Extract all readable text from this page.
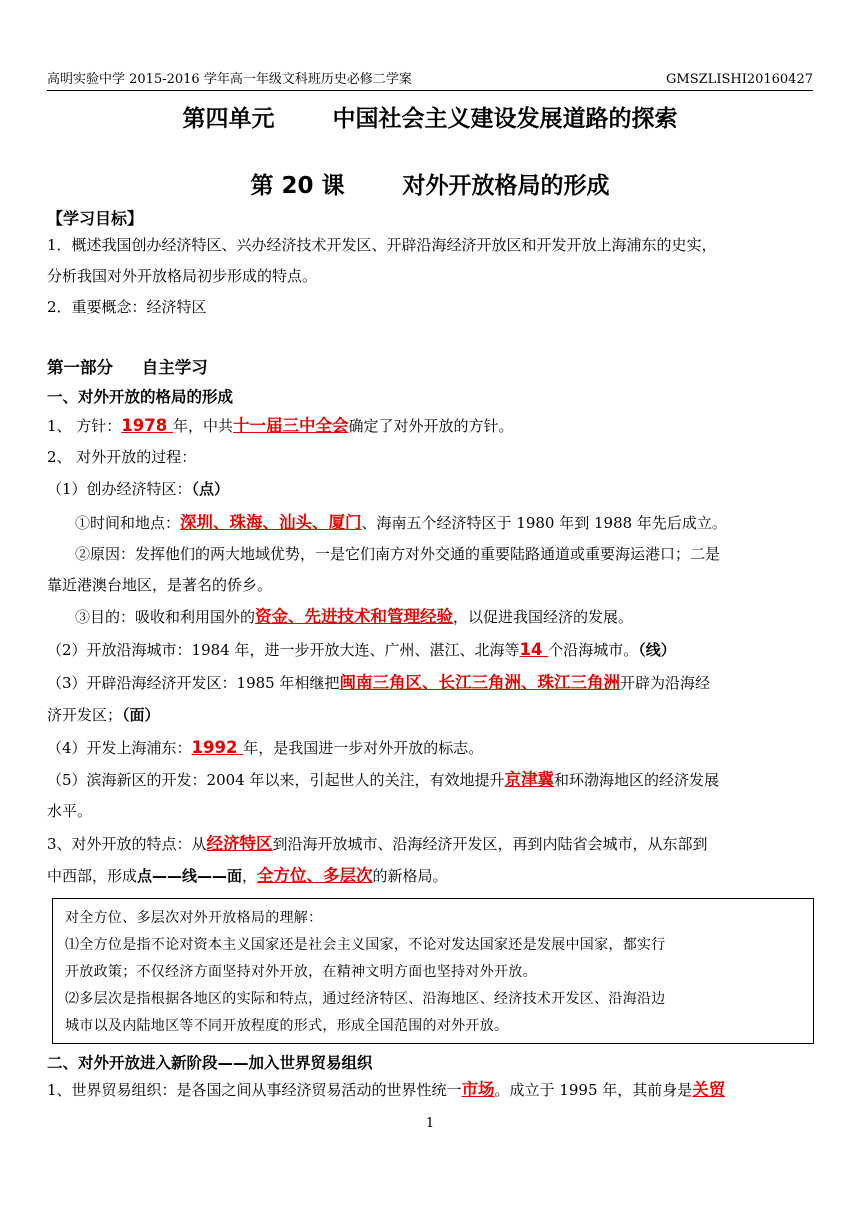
高明实验中学 2015-2016 学年高一年级文科班历史必修二学案	GMSZLISHI20160427
第四单元	中国社会主义建设发展道路的探索
第 20 课	对外开放格局的形成
【学习目标】
1．概述我国创办经济特区、兴办经济技术开发区、开辟沿海经济开放区和开发开放上海浦东的史实，
分析我国对外开放格局初步形成的特点。
2．重要概念：经济特区
第一部分 自主学习
一、对外开放的格局的形成
1、 方针：1978 年，中共十一届三中全会确定了对外开放的方针。
2、 对外开放的过程：
（1）创办经济特区：（点）
①时间和地点：深圳、珠海、汕头、厦门、海南五个经济特区于 1980 年到 1988 年先后成立。
②原因：发挥他们的两大地域优势，一是它们南方对外交通的重要陆路通道或重要海运港口；二是
靠近港澳台地区，是著名的侨乡。
③目的：吸收和利用国外的资金、先进技术和管理经验，以促进我国经济的发展。
（2）开放沿海城市：1984 年，进一步开放大连、广州、湛江、北海等14 个沿海城市。（线）
（3）开辟沿海经济开发区：1985 年相继把闽南三角区、长江三角洲、珠江三角洲开辟为沿海经
济开发区；（面）
（4）开发上海浦东：1992 年，是我国进一步对外开放的标志。
（5）滨海新区的开发：2004 年以来，引起世人的关注，有效地提升京津冀和环渤海地区的经济发展
水平。
3、对外开放的特点：从经济特区到沿海开放城市、沿海经济开发区，再到内陆省会城市，从东部到
中西部，形成点——线——面，全方位、多层次的新格局。
对全方位、多层次对外开放格局的理解：
⑴全方位是指不论对资本主义国家还是社会主义国家，不论对发达国家还是发展中国家，都实行
开放政策；不仅经济方面坚持对外开放，在精神文明方面也坚持对外开放。
⑵多层次是指根据各地区的实际和特点，通过经济特区、沿海地区、经济技术开发区、沿海沿边
城市以及内陆地区等不同开放程度的形式，形成全国范围的对外开放。
二、对外开放进入新阶段——加入世界贸易组织
1、世界贸易组织：是各国之间从事经济贸易活动的世界性统一市场。成立于 1995 年，其前身是关贸
1
